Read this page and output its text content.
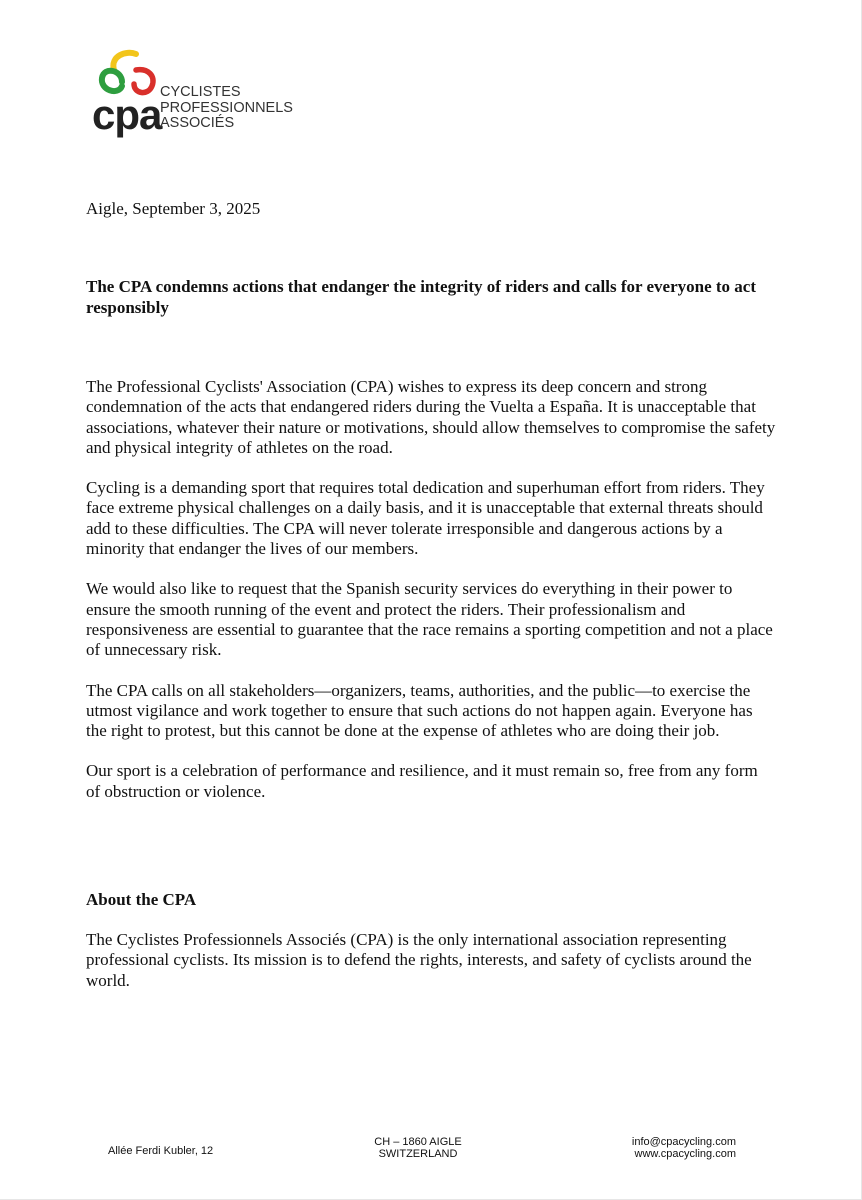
cpa
CYCLISTES
PROFESSIONNELS
ASSOCIÉS
Aigle, September 3, 2025
The CPA condemns actions that endanger the integrity of riders and calls for everyone to act responsibly

The Professional Cyclists' Association (CPA) wishes to express its deep concern and strong condemnation of the acts that endangered riders during the Vuelta a España. It is unacceptable that associations, whatever their nature or motivations, should allow themselves to compromise the safety and physical integrity of athletes on the road.

Cycling is a demanding sport that requires total dedication and superhuman effort from riders. They face extreme physical challenges on a daily basis, and it is unacceptable that external threats should add to these difficulties. The CPA will never tolerate irresponsible and dangerous actions by a minority that endanger the lives of our members.

We would also like to request that the Spanish security services do everything in their power to ensure the smooth running of the event and protect the riders. Their professionalism and responsiveness are essential to guarantee that the race remains a sporting competition and not a place of unnecessary risk.

The CPA calls on all stakeholders—organizers, teams, authorities, and the public—to exercise the utmost vigilance and work together to ensure that such actions do not happen again. Everyone has the right to protest, but this cannot be done at the expense of athletes who are doing their job.

Our sport is a celebration of performance and resilience, and it must remain so, free from any form of obstruction or violence.

About the CPA
The Cyclistes Professionnels Associés (CPA) is the only international association representing professional cyclists. Its mission is to defend the rights, interests, and safety of cyclists around the world.
Allée Ferdi Kubler, 12
CH – 1860 AIGLE
SWITZERLAND
info@cpacycling.com
www.cpacycling.com
